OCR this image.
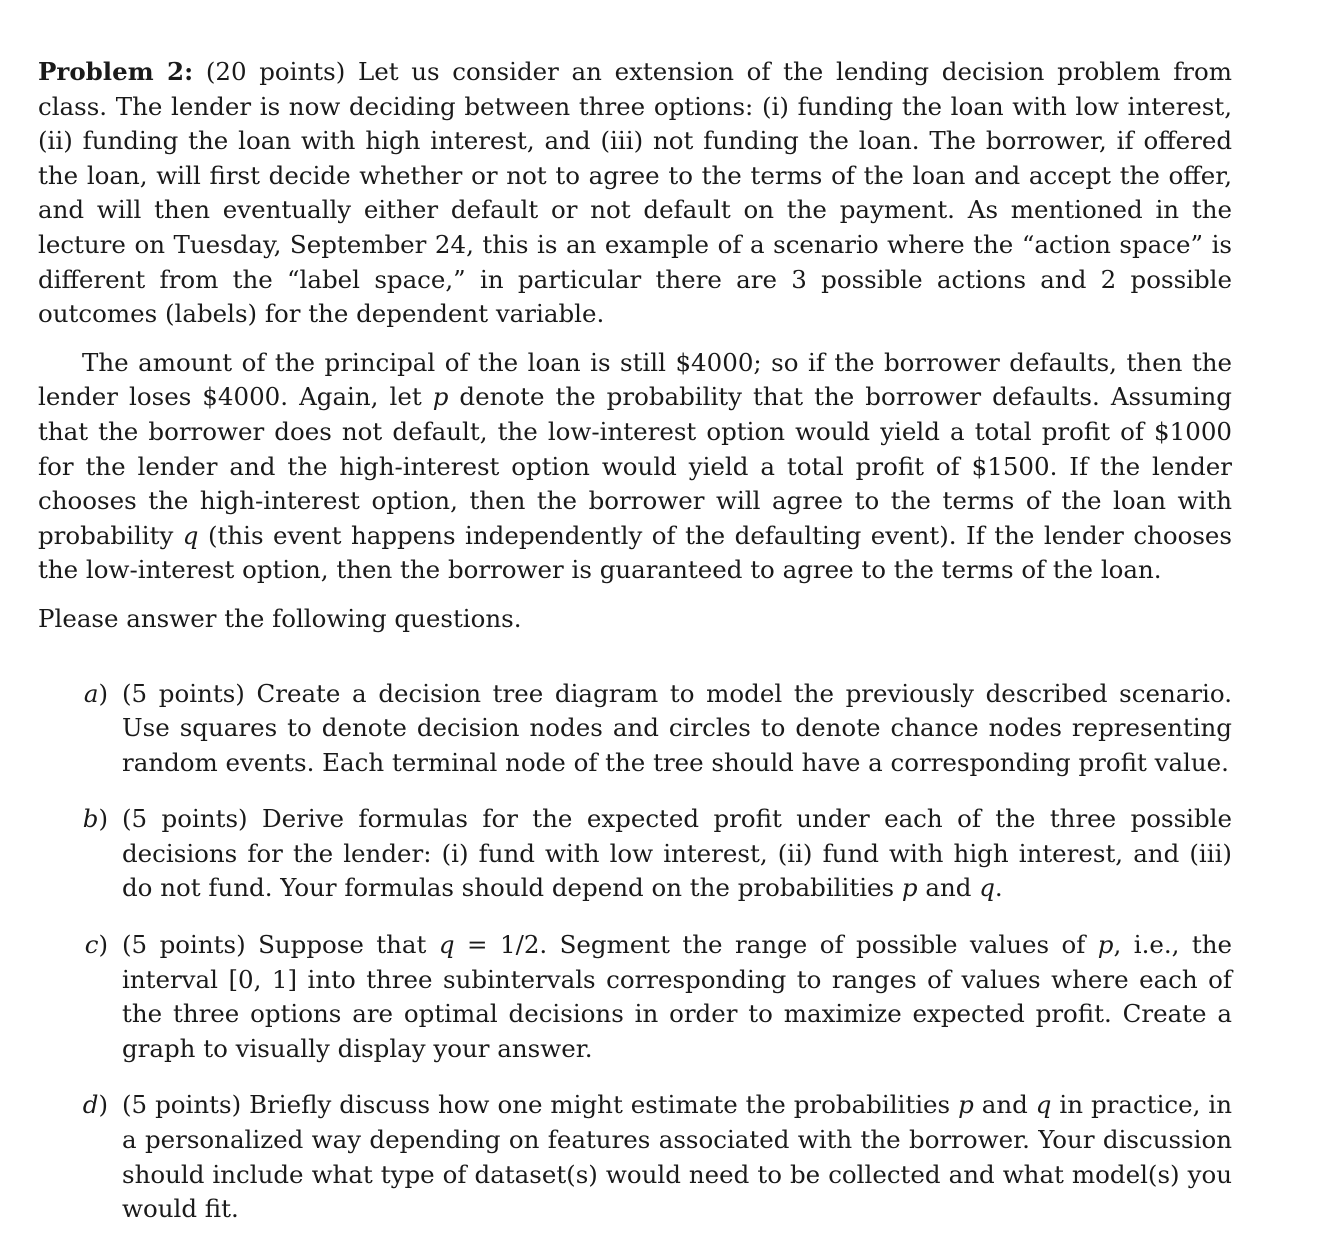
Problem 2: (20 points) Let us consider an extension of the lending decision problem from class. The lender is now deciding between three options: (i) funding the loan with low interest, (ii) funding the loan with high interest, and (iii) not funding the loan. The borrower, if offered the loan, will first decide whether or not to agree to the terms of the loan and accept the offer, and will then eventually either default or not default on the payment. As mentioned in the lecture on Tuesday, September 24, this is an example of a scenario where the “action space” is different from the “label space,” in particular there are 3 possible actions and 2 possible outcomes (labels) for the dependent variable.

The amount of the principal of the loan is still $4000; so if the borrower defaults, then the lender loses $4000. Again, let p denote the probability that the borrower defaults. Assuming that the borrower does not default, the low-interest option would yield a total profit of $1000 for the lender and the high-interest option would yield a total profit of $1500. If the lender chooses the high-interest option, then the borrower will agree to the terms of the loan with probability q (this event happens independently of the defaulting event). If the lender chooses the low-interest option, then the borrower is guaranteed to agree to the terms of the loan.

Please answer the following questions.

a) (5 points) Create a decision tree diagram to model the previously described scenario. Use squares to denote decision nodes and circles to denote chance nodes representing random events. Each terminal node of the tree should have a corresponding profit value.
b) (5 points) Derive formulas for the expected profit under each of the three possible decisions for the lender: (i) fund with low interest, (ii) fund with high interest, and (iii) do not fund. Your formulas should depend on the probabilities p and q.
c) (5 points) Suppose that q = 1/2. Segment the range of possible values of p, i.e., the interval [0, 1] into three subintervals corresponding to ranges of values where each of the three options are optimal decisions in order to maximize expected profit. Create a graph to visually display your answer.
d) (5 points) Briefly discuss how one might estimate the probabilities p and q in practice, in a personalized way depending on features associated with the borrower. Your discussion should include what type of dataset(s) would need to be collected and what model(s) you would fit.
